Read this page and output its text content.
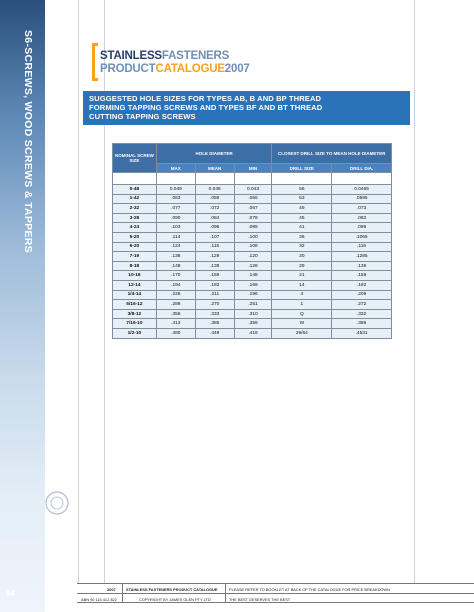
S6-SCREWS, WOOD SCREWS & TAPPERS
84
STAINLESSFASTENERS
PRODUCTCATALOGUE2007
SUGGESTED HOLE SIZES FOR TYPES AB, B AND BP THREAD
FORMING TAPPING SCREWS AND TYPES BF AND BT THREAD
CUTTING TAPPING SCREWS
NOMINAL SCREW SIZE	HOLE DIAMETER			CLOSEST DRILL SIZE TO MEAN HOLE DIAMETER	
	MAX	MEAN	MIN	DRILL SIZE	DRILL DIA.

0-48	0.049	0.046	0.043	56	0.0465
1-42	.063	.059	.055	53	.0595
2-32	.077	.072	.067	49	.073
3-28	.090	.084	.078	45	.082
4-24	.103	.096	.089	41	.096
5-20	.114	.107	.100	36	.1065
6-20	.124	.116	.108	32	.116
7-19	.138	.129	.120	30	.1285
8-18	.148	.138	.128	29	.136
10-16	.170	.159	.148	21	.159
12-14	.194	.182	.169	14	.182
1/4-14	.226	.211	.196	4	.209
5/16-12	.289	.270	.251	1	.272
3/8-12	.356	.333	.310	Q	.332
7/16-10	.413	.386	.359	W	.386
1/2-10	.480	.449	.418	29/64	.4531
2007	STAINLESS FASTENERS PRODUCT CATALOGUE	PLEASE REFER TO BOOKLET AT BACK OF THE CATALOGUE FOR PRICE BREAKDOWN
ABN 90 115 412 822	COPYRIGHT BY JAMES GLEN PTY LTD	THE BEST DESERVES THE BEST
